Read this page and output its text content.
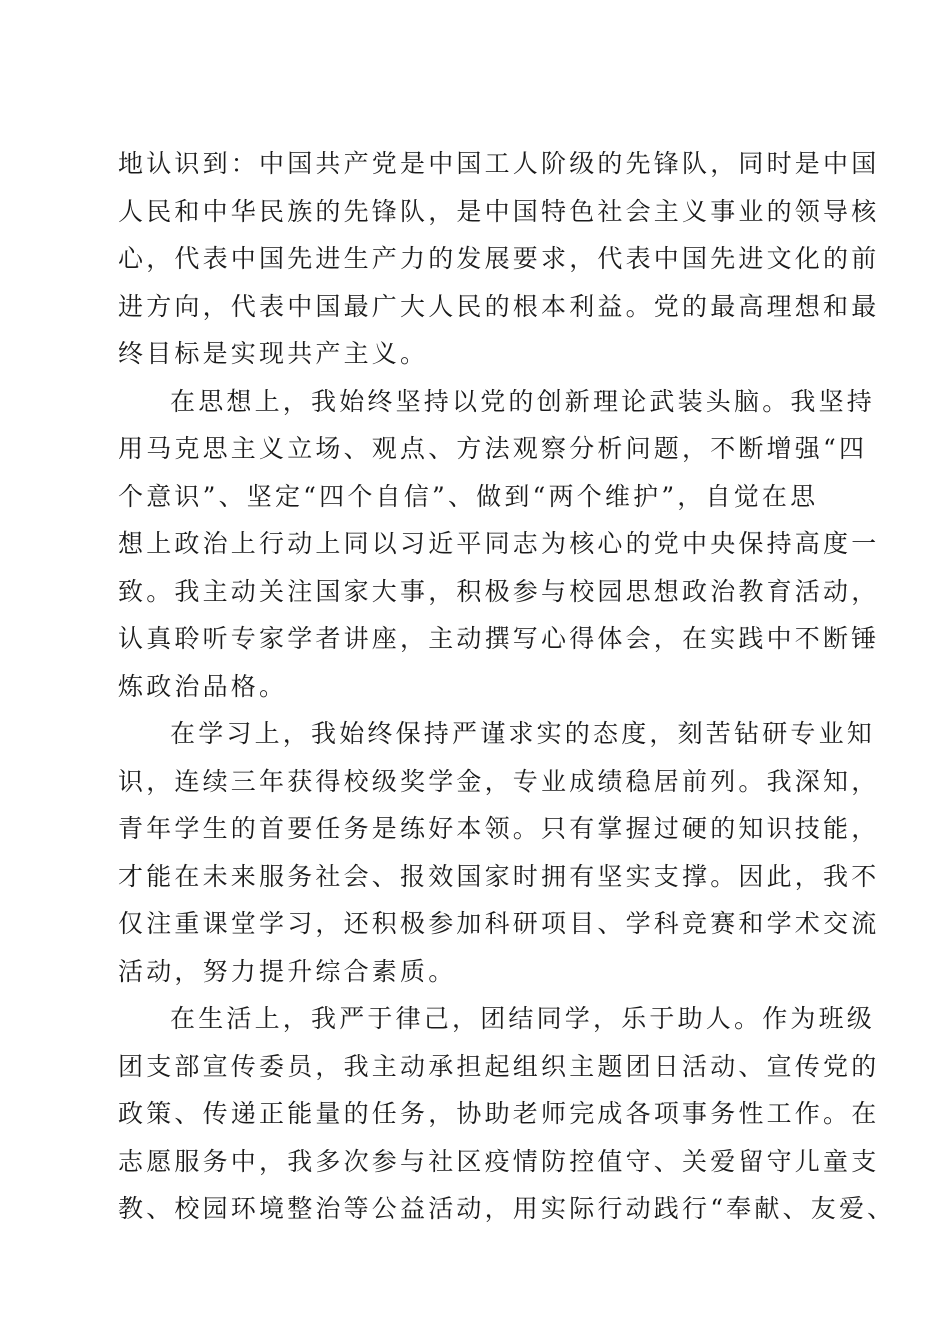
地认识到：中国共产党是中国工人阶级的先锋队，同时是中国
人民和中华民族的先锋队，是中国特色社会主义事业的领导核
心，代表中国先进生产力的发展要求，代表中国先进文化的前
进方向，代表中国最广大人民的根本利益。党的最高理想和最
终目标是实现共产主义。
在思想上，我始终坚持以党的创新理论武装头脑。我坚持
用马克思主义立场、观点、方法观察分析问题，不断增强“四
个意识”、坚定“四个自信”、做到“两个维护”，自觉在思
想上政治上行动上同以习近平同志为核心的党中央保持高度一
致。我主动关注国家大事，积极参与校园思想政治教育活动，
认真聆听专家学者讲座，主动撰写心得体会，在实践中不断锤
炼政治品格。
在学习上，我始终保持严谨求实的态度，刻苦钻研专业知
识，连续三年获得校级奖学金，专业成绩稳居前列。我深知，
青年学生的首要任务是练好本领。只有掌握过硬的知识技能，
才能在未来服务社会、报效国家时拥有坚实支撑。因此，我不
仅注重课堂学习，还积极参加科研项目、学科竞赛和学术交流
活动，努力提升综合素质。
在生活上，我严于律己，团结同学，乐于助人。作为班级
团支部宣传委员，我主动承担起组织主题团日活动、宣传党的
政策、传递正能量的任务，协助老师完成各项事务性工作。在
志愿服务中，我多次参与社区疫情防控值守、关爱留守儿童支
教、校园环境整治等公益活动，用实际行动践行“奉献、友爱、
